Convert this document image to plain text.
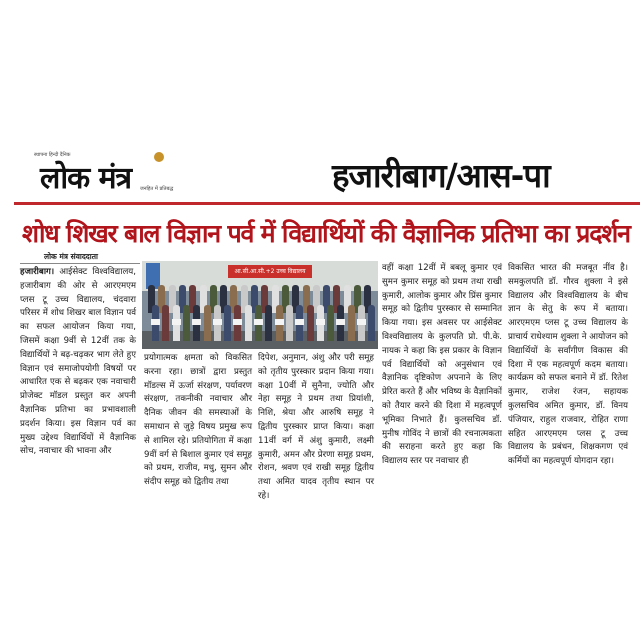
स्थापना हिन्दी दैनिक
लोक मंत्र जनहित में प्रतिबद्ध	हजारीबाग/आस-पा
शोध शिखर बाल विज्ञान पर्व में विद्यार्थियों की वैज्ञानिक प्रतिभा का प्रदर्शन
लोक मंत्र संवाददाता
हजारीबाग। आईसेक्ट विश्वविद्यालय, हजारीबाग की ओर से आरएमएम प्लस टू उच्च विद्यालय, चंदवारा परिसर में शोध शिखर बाल विज्ञान पर्व का सफल आयोजन किया गया, जिसमें कक्षा 9वीं से 12वीं तक के विद्यार्थियों ने बढ़-चढ़कर भाग लेते हुए विज्ञान एवं समाजोपयोगी विषयों पर आधारित एक से बढ़कर एक नवाचारी प्रोजेक्ट मॉडल प्रस्तुत कर अपनी वैज्ञानिक प्रतिभा का प्रभावशाली प्रदर्शन किया। इस विज्ञान पर्व का मुख्य उद्देश्य विद्यार्थियों में वैज्ञानिक सोच, नवाचार की भावना और
आ.सी.आ.सी.+2 उच्च विद्यालय
प्रयोगात्मक क्षमता को विकसित करना रहा। छात्रों द्वारा प्रस्तुत मॉडल्स में ऊर्जा संरक्षण, पर्यावरण संरक्षण, तकनीकी नवाचार और दैनिक जीवन की समस्याओं के समाधान से जुड़े विषय प्रमुख रूप से शामिल रहे। प्रतियोगिता में कक्षा 9वीं वर्ग से बिशाल कुमार एवं समूह को प्रथम, राजीव, मधु, सुमन और संदीप समूह को द्वितीय तथा
दिपेश, अनुमान, अंशु और परी समूह को तृतीय पुरस्कार प्रदान किया गया। कक्षा 10वीं में सुनैना, ज्योति और नेहा समूह ने प्रथम तथा प्रियांशी, निशि, श्रेया और आरुषि समूह ने द्वितीय पुरस्कार प्राप्त किया। कक्षा 11वीं वर्ग में अंशु कुमारी, लक्ष्मी कुमारी, अमन और प्रेरणा समूह प्रथम, रोशन, श्रवण एवं राखी समूह द्वितीय तथा अमित यादव तृतीय स्थान पर रहे।
वहीं कक्षा 12वीं में बबलू कुमार एवं सुमन कुमार समूह को प्रथम तथा राखी कुमारी, आलोक कुमार और प्रिंस कुमार समूह को द्वितीय पुरस्कार से सम्मानित किया गया। इस अवसर पर आईसेक्ट विश्वविद्यालय के कुलपति प्रो. पी.के. नायक ने कहा कि इस प्रकार के विज्ञान पर्व विद्यार्थियों को अनुसंधान एवं वैज्ञानिक दृष्टिकोण अपनाने के लिए प्रेरित करते हैं और भविष्य के वैज्ञानिकों को तैयार करने की दिशा में महत्वपूर्ण भूमिका निभाते हैं। कुलसचिव डॉ. मुनीष गोविंद ने छात्रों की रचनात्मकता की सराहना करते हुए कहा कि विद्यालय स्तर पर नवाचार ही
विकसित भारत की मजबूत नींव है। समकुलपति डॉ. गौरव शुक्ला ने इसे विद्यालय और विश्वविद्यालय के बीच ज्ञान के सेतु के रूप में बताया। आरएमएम प्लस टू उच्च विद्यालय के प्राचार्य राधेश्याम शुक्ला ने आयोजन को विद्यार्थियों के सर्वांगीण विकास की दिशा में एक महत्वपूर्ण कदम बताया। कार्यक्रम को सफल बनाने में डॉ. रितेश कुमार, राजेश रंजन, सहायक कुलसचिव अमित कुमार, डॉ. विनय पंजियार, राहुल राजवार, रोहित राणा सहित आरएमएम प्लस टू उच्च विद्यालय के प्रबंधन, शिक्षकगण एवं कर्मियों का महत्वपूर्ण योगदान रहा।
